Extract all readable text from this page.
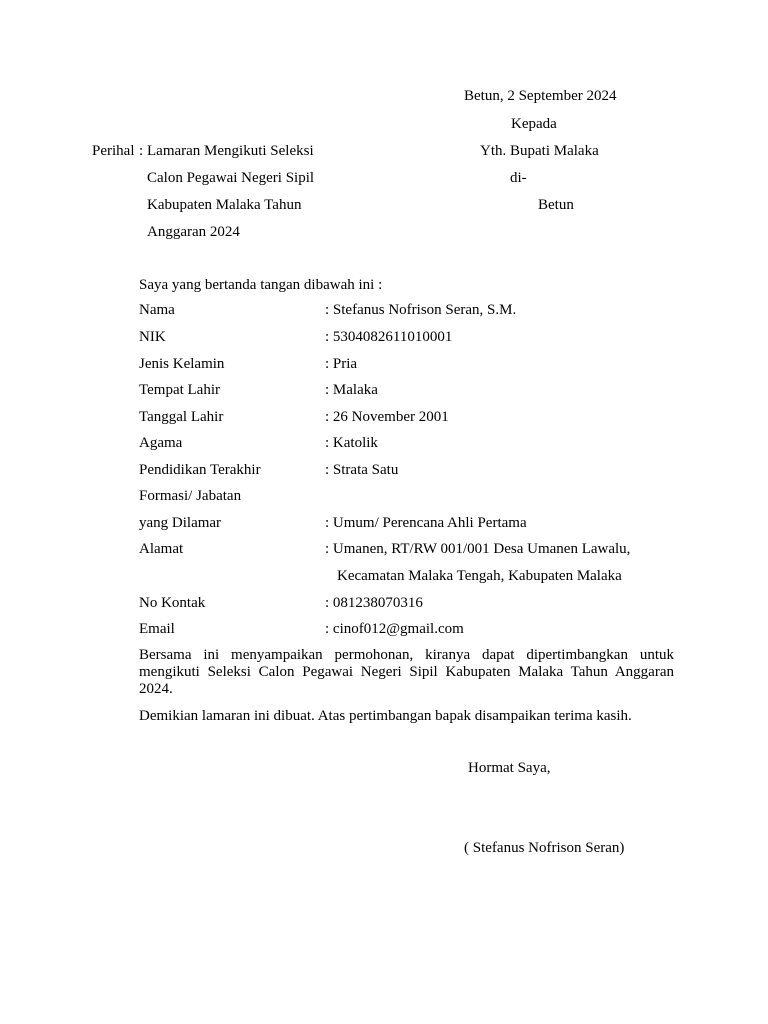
Betun, 2 September 2024
Kepada
Yth. Bupati Malaka
di-
Betun
Perihal : Lamaran Mengikuti Seleksi
Calon Pegawai Negeri Sipil
Kabupaten Malaka Tahun
Anggaran 2024
Saya yang bertanda tangan dibawah ini :
Nama	: Stefanus Nofrison Seran, S.M.
NIK	: 5304082611010001
Jenis Kelamin	: Pria
Tempat Lahir	: Malaka
Tanggal Lahir	: 26 November 2001
Agama	: Katolik
Pendidikan Terakhir	: Strata Satu
Formasi/ Jabatan
yang Dilamar	: Umum/ Perencana Ahli Pertama
Alamat	: Umanen, RT/RW 001/001 Desa Umanen Lawalu,
Kecamatan Malaka Tengah, Kabupaten Malaka
No Kontak	: 081238070316
Email	: cinof012@gmail.com
Bersama ini menyampaikan permohonan, kiranya dapat dipertimbangkan untuk mengikuti Seleksi Calon Pegawai Negeri Sipil Kabupaten Malaka Tahun Anggaran 2024.
Demikian lamaran ini dibuat. Atas pertimbangan bapak disampaikan terima kasih.
Hormat Saya,
( Stefanus Nofrison Seran)
